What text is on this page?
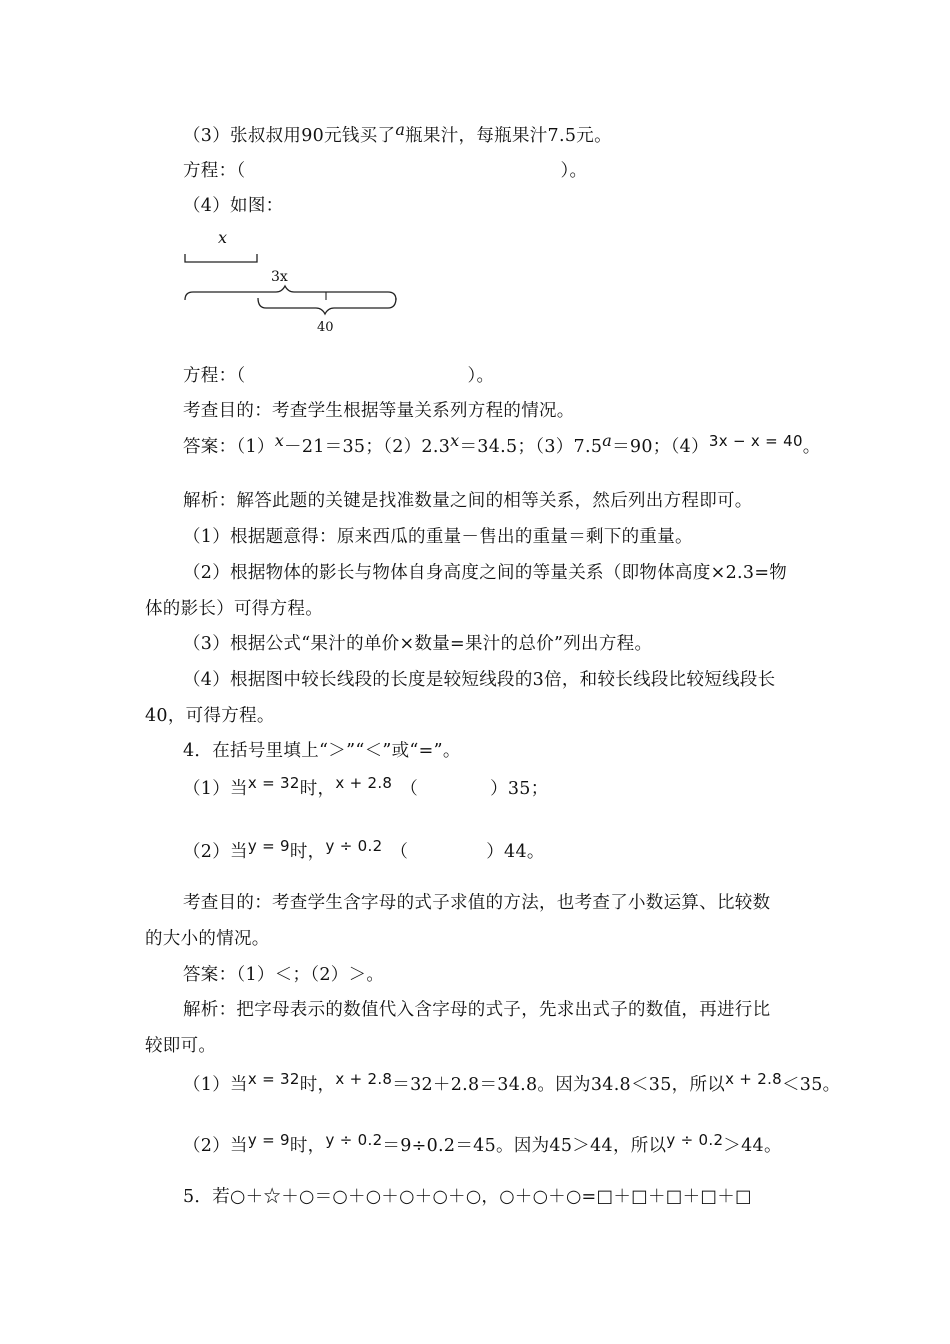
（3）张叔叔用90元钱买了a瓶果汁，每瓶果汁7.5元。
方程：（	）。
（4）如图：
x
3x
40
方程：（	）。
考查目的：考查学生根据等量关系列方程的情况。
答案：（1）x－21＝35；（2）2.3x＝34.5；（3）7.5a＝90；（4）3x − x = 40。
解析：解答此题的关键是找准数量之间的相等关系，然后列出方程即可。
（1）根据题意得：原来西瓜的重量－售出的重量＝剩下的重量。
（2）根据物体的影长与物体自身高度之间的等量关系（即物体高度×2.3=物
体的影长）可得方程。
（3）根据公式“果汁的单价×数量=果汁的总价”列出方程。
（4）根据图中较长线段的长度是较短线段的3倍，和较长线段比较短线段长
40，可得方程。
4．在括号里填上“＞”“＜”或“=”。
（1）当x = 32时，x + 2.8 （	）35；
（2）当y = 9时，y ÷ 0.2 （	）44。
考查目的：考查学生含字母的式子求值的方法，也考查了小数运算、比较数
的大小的情况。
答案：（1）＜；（2）＞。
解析：把字母表示的数值代入含字母的式子，先求出式子的数值，再进行比
较即可。
（1）当x = 32时，x + 2.8＝32＋2.8＝34.8。因为34.8＜35，所以x + 2.8＜35。
（2）当y = 9时，y ÷ 0.2＝9÷0.2＝45。因为45＞44，所以y ÷ 0.2＞44。
5．若○＋☆＋○＝○＋○＋○＋○＋○，○＋○＋○=□＋□＋□＋□＋□
